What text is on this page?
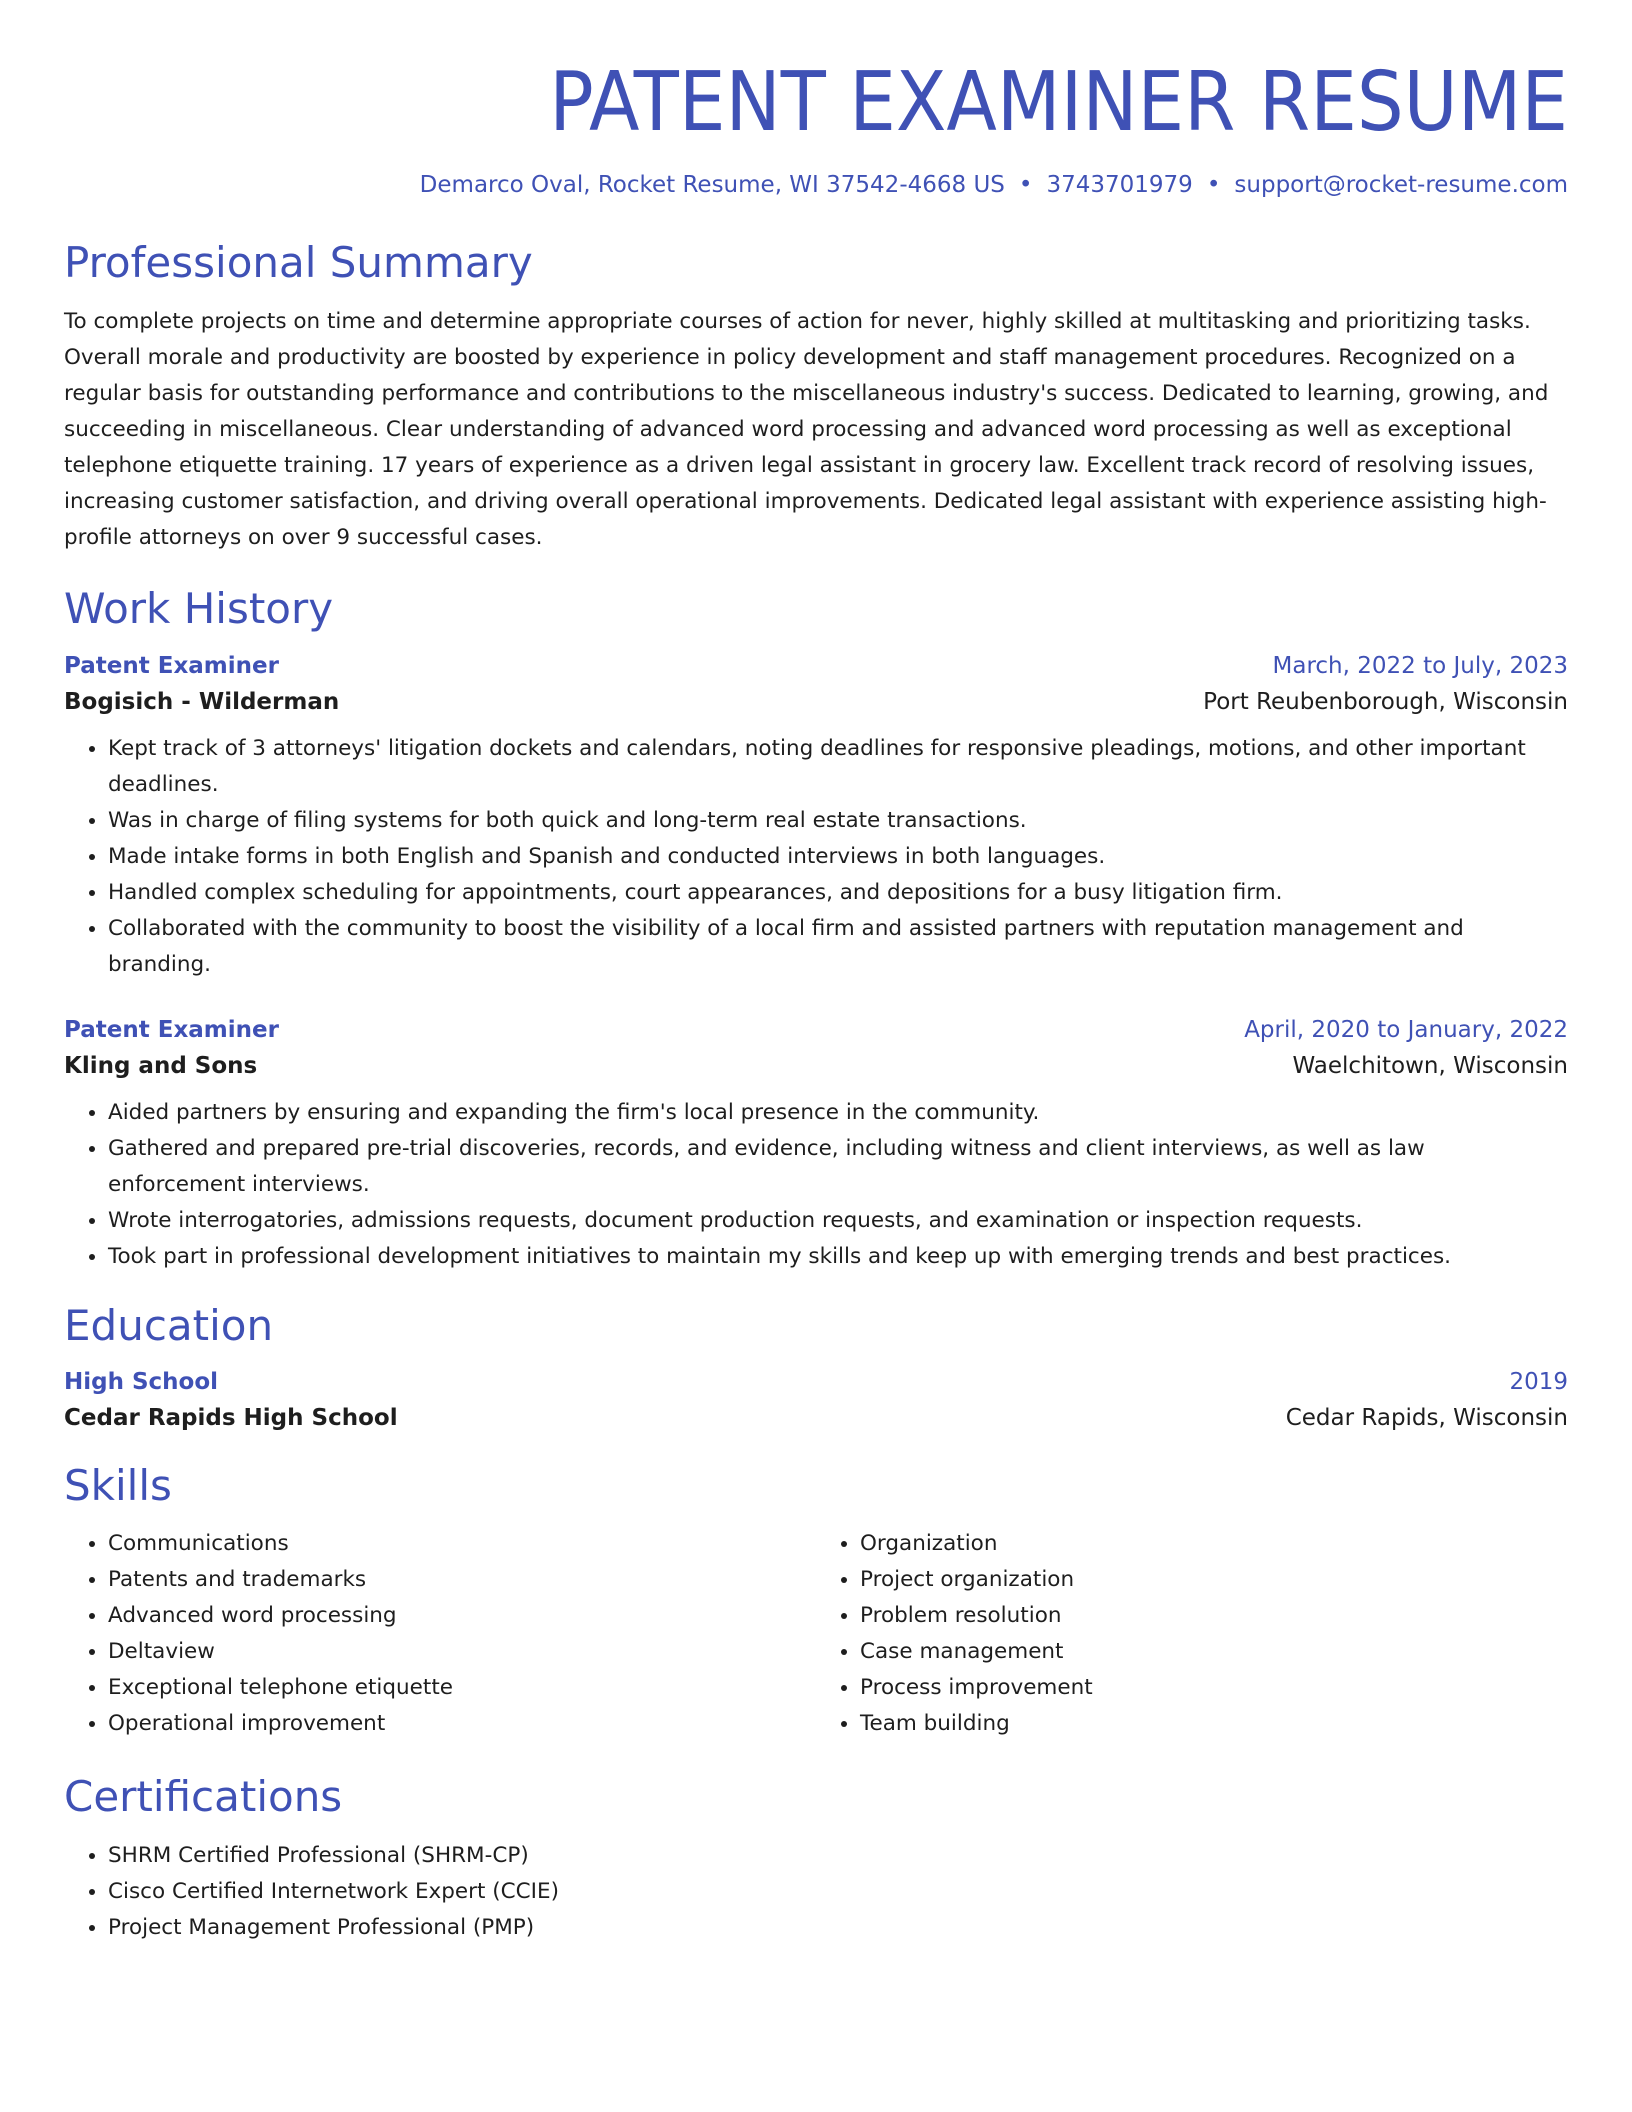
PATENT EXAMINER RESUME
Demarco Oval, Rocket Resume, WI 37542-4668 US • 3743701979 • support@rocket-resume.com
Professional Summary

To complete projects on time and determine appropriate courses of action for never, highly skilled at multitasking and prioritizing tasks. Overall morale and productivity are boosted by experience in policy development and staff management procedures. Recognized on a regular basis for outstanding performance and contributions to the miscellaneous industry's success. Dedicated to learning, growing, and succeeding in miscellaneous. Clear understanding of advanced word processing and advanced word processing as well as exceptional telephone etiquette training. 17 years of experience as a driven legal assistant in grocery law. Excellent track record of resolving issues, increasing customer satisfaction, and driving overall operational improvements. Dedicated legal assistant with experience assisting high-profile attorneys on over 9 successful cases.

Work History
Patent Examiner	March, 2022 to July, 2023
Bogisich - Wilderman	Port Reubenborough, Wisconsin
• Kept track of 3 attorneys' litigation dockets and calendars, noting deadlines for responsive pleadings, motions, and other important deadlines.
• Was in charge of filing systems for both quick and long-term real estate transactions.
• Made intake forms in both English and Spanish and conducted interviews in both languages.
• Handled complex scheduling for appointments, court appearances, and depositions for a busy litigation firm.
• Collaborated with the community to boost the visibility of a local firm and assisted partners with reputation management and branding.
Patent Examiner	April, 2020 to January, 2022
Kling and Sons	Waelchitown, Wisconsin
• Aided partners by ensuring and expanding the firm's local presence in the community.
• Gathered and prepared pre-trial discoveries, records, and evidence, including witness and client interviews, as well as law enforcement interviews.
• Wrote interrogatories, admissions requests, document production requests, and examination or inspection requests.
• Took part in professional development initiatives to maintain my skills and keep up with emerging trends and best practices.
Education
High School	2019
Cedar Rapids High School	Cedar Rapids, Wisconsin
Skills
• Communications
• Patents and trademarks
• Advanced word processing
• Deltaview
• Exceptional telephone etiquette
• Operational improvement
• Organization
• Project organization
• Problem resolution
• Case management
• Process improvement
• Team building
Certifications
• SHRM Certified Professional (SHRM-CP)
• Cisco Certified Internetwork Expert (CCIE)
• Project Management Professional (PMP)
